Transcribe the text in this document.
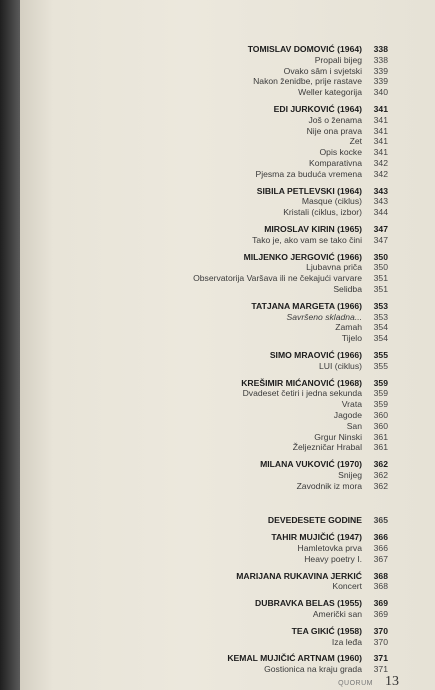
TOMISLAV DOMOVIĆ (1964)	338
Propali bijeg	338
Ovako sâm i svjetski	339
Nakon ženidbe, prije rastave	339
Weller kategorija	340
EDI JURKOVIĆ (1964)	341
Još o ženama	341
Nije ona prava	341
Zet	341
Opis kocke	341
Komparativna	342
Pjesma za buduća vremena	342
SIBILA PETLEVSKI (1964)	343
Masque (ciklus)	343
Kristali (ciklus, izbor)	344
MIROSLAV KIRIN (1965)	347
Tako je, ako vam se tako čini	347
MILJENKO JERGOVIĆ (1966)	350
Ljubavna priča	350
Observatorija Varšava ili ne čekajući varvare	351
Selidba	351
TATJANA MARGETA (1966)	353
Savršeno skladna...	353
Zamah	354
Tijelo	354
SIMO MRAOVIĆ (1966)	355
LUI (ciklus)	355
KREŠIMIR MIĆANOVIĆ (1968)	359
Dvadeset četiri i jedna sekunda	359
Vrata	359
Jagode	360
San	360
Grgur Ninski	361
Željezničar Hrabal	361
MILANA VUKOVIĆ (1970)	362
Snijeg	362
Zavodnik iz mora	362
DEVEDESETE GODINE	365
TAHIR MUJIČIĆ (1947)	366
Hamletovka prva	366
Heavy poetry I.	367
MARIJANA RUKAVINA JERKIĆ	368
Koncert	368
DUBRAVKA BELAS (1955)	369
Američki san	369
TEA GIKIĆ (1958)	370
Iza leđa	370
KEMAL MUJIČIĆ ARTNAM (1960)	371
Gostionica na kraju grada	371
QUORUM 13
